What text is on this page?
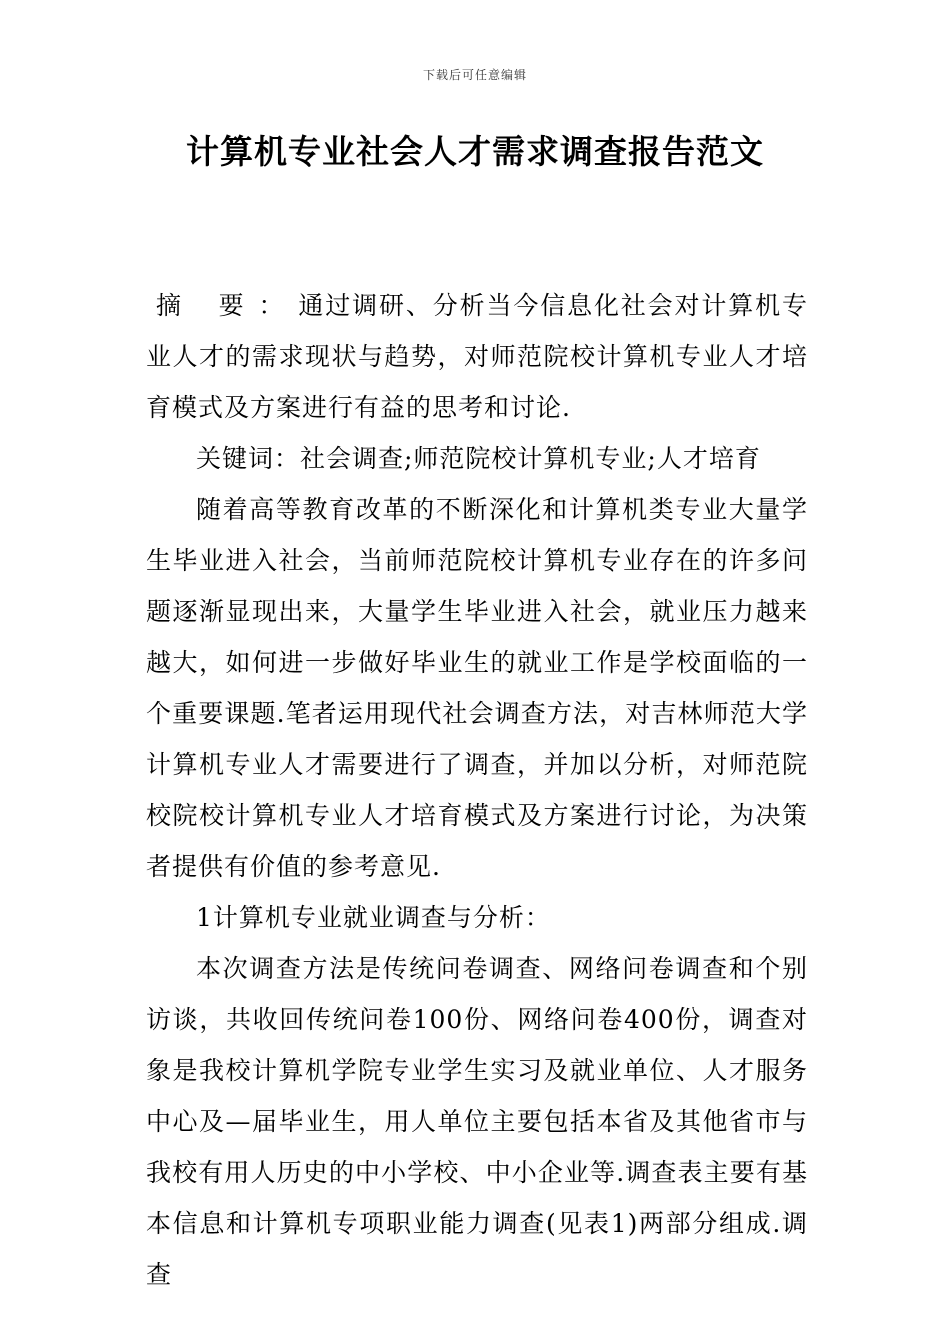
下载后可任意编辑
计算机专业社会人才需求调查报告范文

摘 要：通过调研、分析当今信息化社会对计算机专业人才的需求现状与趋势，对师范院校计算机专业人才培育模式及方案进行有益的思考和讨论.

关键词：社会调查;师范院校计算机专业;人才培育

随着高等教育改革的不断深化和计算机类专业大量学生毕业进入社会，当前师范院校计算机专业存在的许多问题逐渐显现出来，大量学生毕业进入社会，就业压力越来越大，如何进一步做好毕业生的就业工作是学校面临的一个重要课题.笔者运用现代社会调查方法，对吉林师范大学计算机专业人才需要进行了调查，并加以分析，对师范院校院校计算机专业人才培育模式及方案进行讨论，为决策者提供有价值的参考意见.

1计算机专业就业调查与分析：

本次调查方法是传统问卷调查、网络问卷调查和个别访谈，共收回传统问卷100份、网络问卷400份，调查对象是我校计算机学院专业学生实习及就业单位、人才服务中心及—届毕业生，用人单位主要包括本省及其他省市与我校有用人历史的中小学校、中小企业等.调查表主要有基本信息和计算机专项职业能力调查(见表1)两部分组成.调查
